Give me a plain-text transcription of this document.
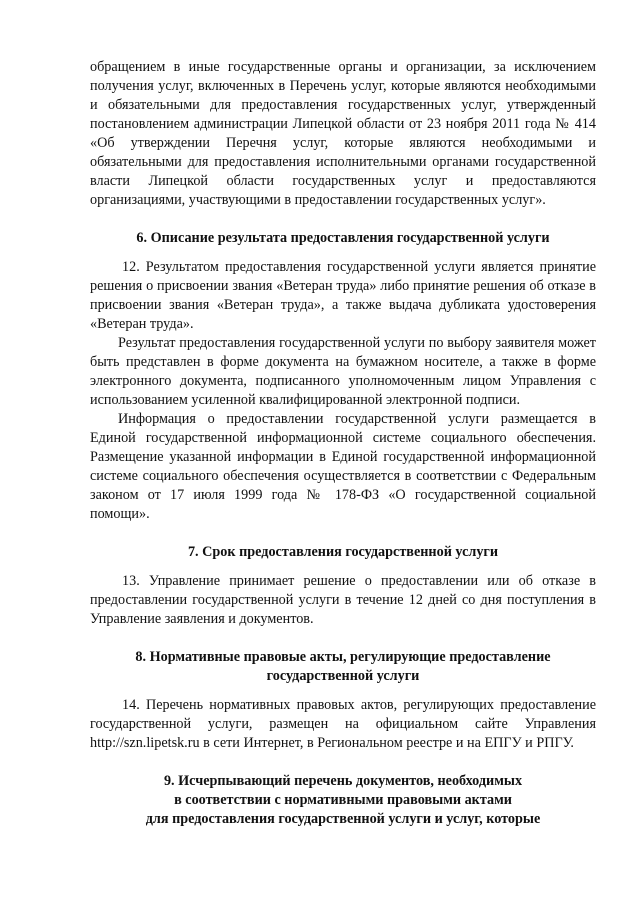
обращением в иные государственные органы и организации, за исключением получения услуг, включенных в Перечень услуг, которые являются необходимыми и обязательными для предоставления государственных услуг, утвержденный постановлением администрации Липецкой области от 23 ноября 2011 года № 414 «Об утверждении Перечня услуг, которые являются необходимыми и обязательными для предоставления исполнительными органами государственной власти Липецкой области государственных услуг и предоставляются организациями, участвующими в предоставлении государственных услуг».

6. Описание результата предоставления государственной услуги

12. Результатом предоставления государственной услуги является принятие решения о присвоении звания «Ветеран труда» либо принятие решения об отказе в присвоении звания «Ветеран труда», а также выдача дубликата удостоверения «Ветеран труда».

Результат предоставления государственной услуги по выбору заявителя может быть представлен в форме документа на бумажном носителе, а также в форме электронного документа, подписанного уполномоченным лицом Управления с использованием усиленной квалифицированной электронной подписи.

Информация о предоставлении государственной услуги размещается в Единой государственной информационной системе социального обеспечения. Размещение указанной информации в Единой государственной информационной системе социального обеспечения осуществляется в соответствии с Федеральным законом от 17 июля 1999 года № 178-ФЗ «О государственной социальной помощи».

7. Срок предоставления государственной услуги

13. Управление принимает решение о предоставлении или об отказе в предоставлении государственной услуги в течение 12 дней со дня поступления в Управление заявления и документов.

8. Нормативные правовые акты, регулирующие предоставление
государственной услуги

14. Перечень нормативных правовых актов, регулирующих предоставление государственной услуги, размещен на официальном сайте Управления http://szn.lipetsk.ru в сети Интернет, в Региональном реестре и на ЕПГУ и РПГУ.

9. Исчерпывающий перечень документов, необходимых
в соответствии с нормативными правовыми актами
для предоставления государственной услуги и услуг, которые
